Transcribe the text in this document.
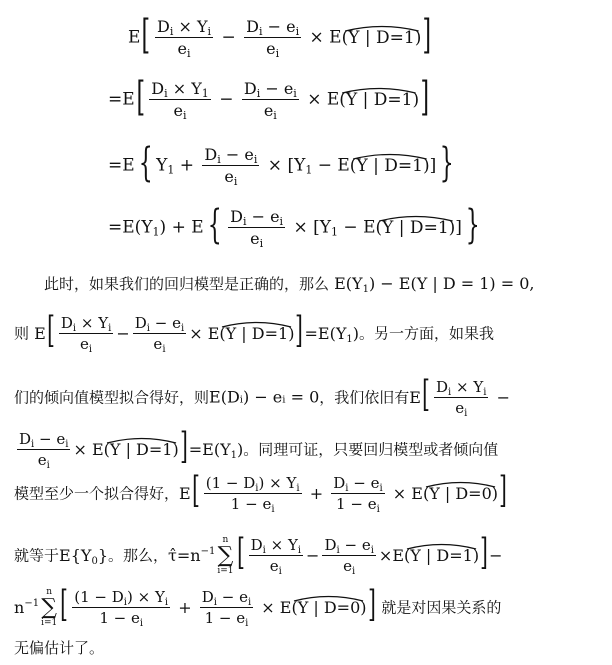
$E[ \frac{D_i \times Y_i}{e_i} - \frac{D_i - e_i}{e_i} \times E$
(Y | D=1)]
$=E[ \frac{D_i \times Y_1}{e_i} - \frac{D_i - e_i}{e_i} \times E$
(Y | D=1)]
=E{ $Y_1 + \frac{D_i - e_i}{e_i} \times [Y_1 - E$
(Y | D=1)]}
$=E(Y_1) + E\{ \frac{D_i - e_i}{e_i} \times [Y_1 - E$
(Y | D=1)]}
此时，如果我们的回归模型是正确的，那么 $E(Y_1) - E(Y$ | D = 1) = 0,
则 $E[ \frac{D_i \times Y_i}{e_i} - \frac{D_i - e_i}{e_i} \times E$
(Y | $D=1)]=E(Y_1)$。另一方面，如果我
们的倾向值模型拟合得好，则E(Dᵢ) − eᵢ = 0，我们依旧有$E[ \frac{D_i \times Y_i}{e_i}$ −
$\frac{D_i - e_i}{e_i} \times E$
(Y | $D=1)]=E(Y_1)$。同理可证，只要回归模型或者倾向值
模型至少一个拟合得好，$E[ \frac{(1 - D_i) \times Y_i}{1 - e_i} + \frac{D_i - e_i}{1 - e_i} \times E$
(Y | D=0)]
就等于$E\{Y_0\}$。那么，$\taû=n^{-1}$
n
∑
i=1 [ $\frac{D_i \times Y_i}{e_i} - \frac{D_i - e_i}{e_i} \times E$
(Y | D=1)]−
$n^{-1}$
n
∑
i=1 [ $\frac{(1 - D_i) \times Y_i}{1 - e_i} + \frac{D_i - e_i}{1 - e_i} \times E$
(Y | D=0)] 就是对因果关系的
无偏估计了。
